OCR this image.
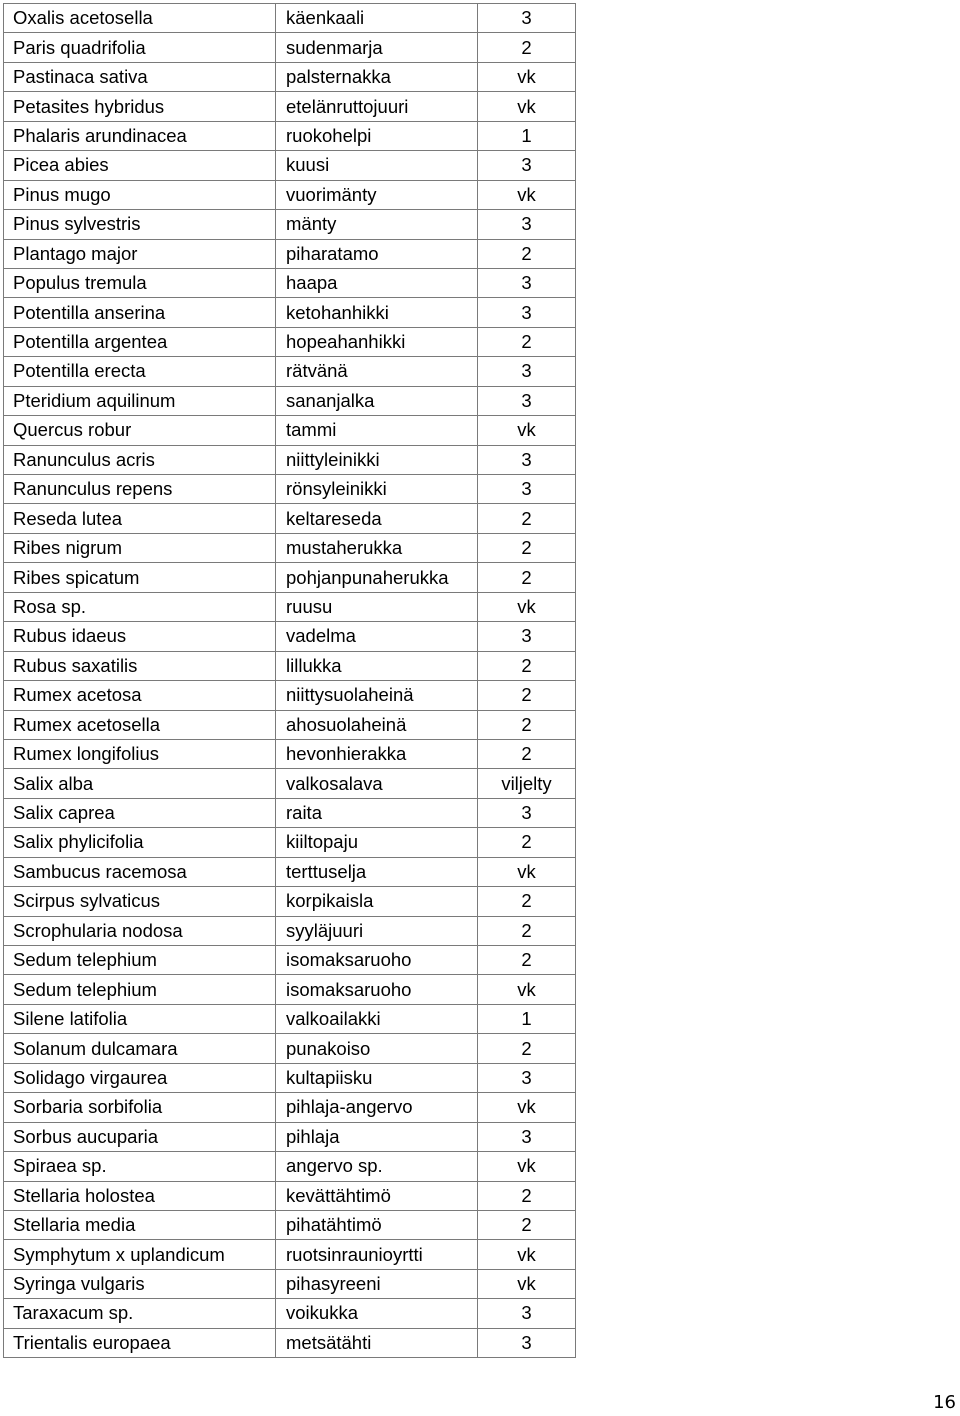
Oxalis acetosella	käenkaali	3
Paris quadrifolia	sudenmarja	2
Pastinaca sativa	palsternakka	vk
Petasites hybridus	etelänruttojuuri	vk
Phalaris arundinacea	ruokohelpi	1
Picea abies	kuusi	3
Pinus mugo	vuorimänty	vk
Pinus sylvestris	mänty	3
Plantago major	piharatamo	2
Populus tremula	haapa	3
Potentilla anserina	ketohanhikki	3
Potentilla argentea	hopeahanhikki	2
Potentilla erecta	rätvänä	3
Pteridium aquilinum	sananjalka	3
Quercus robur	tammi	vk
Ranunculus acris	niittyleinikki	3
Ranunculus repens	rönsyleinikki	3
Reseda lutea	keltareseda	2
Ribes nigrum	mustaherukka	2
Ribes spicatum	pohjanpunaherukka	2
Rosa sp.	ruusu	vk
Rubus idaeus	vadelma	3
Rubus saxatilis	lillukka	2
Rumex acetosa	niittysuolaheinä	2
Rumex acetosella	ahosuolaheinä	2
Rumex longifolius	hevonhierakka	2
Salix alba	valkosalava	viljelty
Salix caprea	raita	3
Salix phylicifolia	kiiltopaju	2
Sambucus racemosa	terttuselja	vk
Scirpus sylvaticus	korpikaisla	2
Scrophularia nodosa	syyläjuuri	2
Sedum telephium	isomaksaruoho	2
Sedum telephium	isomaksaruoho	vk
Silene latifolia	valkoailakki	1
Solanum dulcamara	punakoiso	2
Solidago virgaurea	kultapiisku	3
Sorbaria sorbifolia	pihlaja-angervo	vk
Sorbus aucuparia	pihlaja	3
Spiraea sp.	angervo sp.	vk
Stellaria holostea	kevättähtimö	2
Stellaria media	pihatähtimö	2
Symphytum x uplandicum	ruotsinraunioyrtti	vk
Syringa vulgaris	pihasyreeni	vk
Taraxacum sp.	voikukka	3
Trientalis europaea	metsätähti	3
16
